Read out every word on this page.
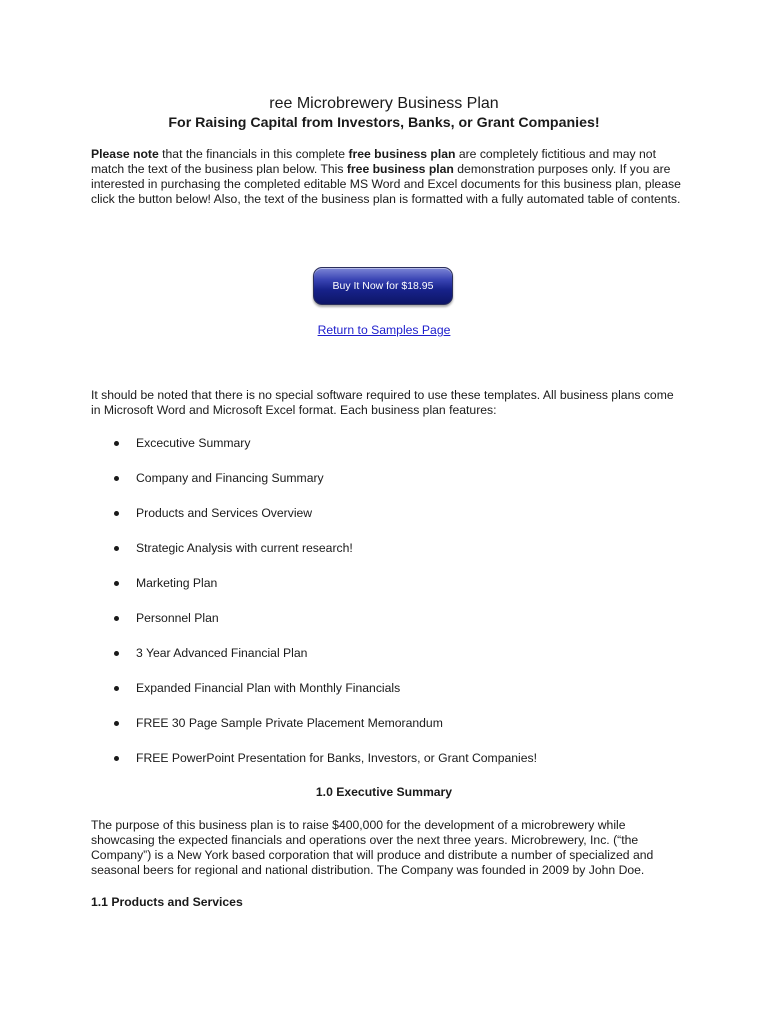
ree Microbrewery Business Plan
For Raising Capital from Investors, Banks, or Grant Companies!

Please note that the financials in this complete free business plan are completely fictitious and may not match the text of the business plan below. This free business plan demonstration purposes only. If you are interested in purchasing the completed editable MS Word and Excel documents for this business plan, please click the button below! Also, the text of the business plan is formatted with a fully automated table of contents.

Buy It Now for $18.95
Return to Samples Page

It should be noted that there is no special software required to use these templates. All business plans come in Microsoft Word and Microsoft Excel format. Each business plan features:

Excecutive Summary
Company and Financing Summary
Products and Services Overview
Strategic Analysis with current research!
Marketing Plan
Personnel Plan
3 Year Advanced Financial Plan
Expanded Financial Plan with Monthly Financials
FREE 30 Page Sample Private Placement Memorandum
FREE PowerPoint Presentation for Banks, Investors, or Grant Companies!
1.0 Executive Summary

The purpose of this business plan is to raise $400,000 for the development of a microbrewery while showcasing the expected financials and operations over the next three years. Microbrewery, Inc. (“the Company”) is a New York based corporation that will produce and distribute a number of specialized and seasonal beers for regional and national distribution. The Company was founded in 2009 by John Doe.

1.1 Products and Services
